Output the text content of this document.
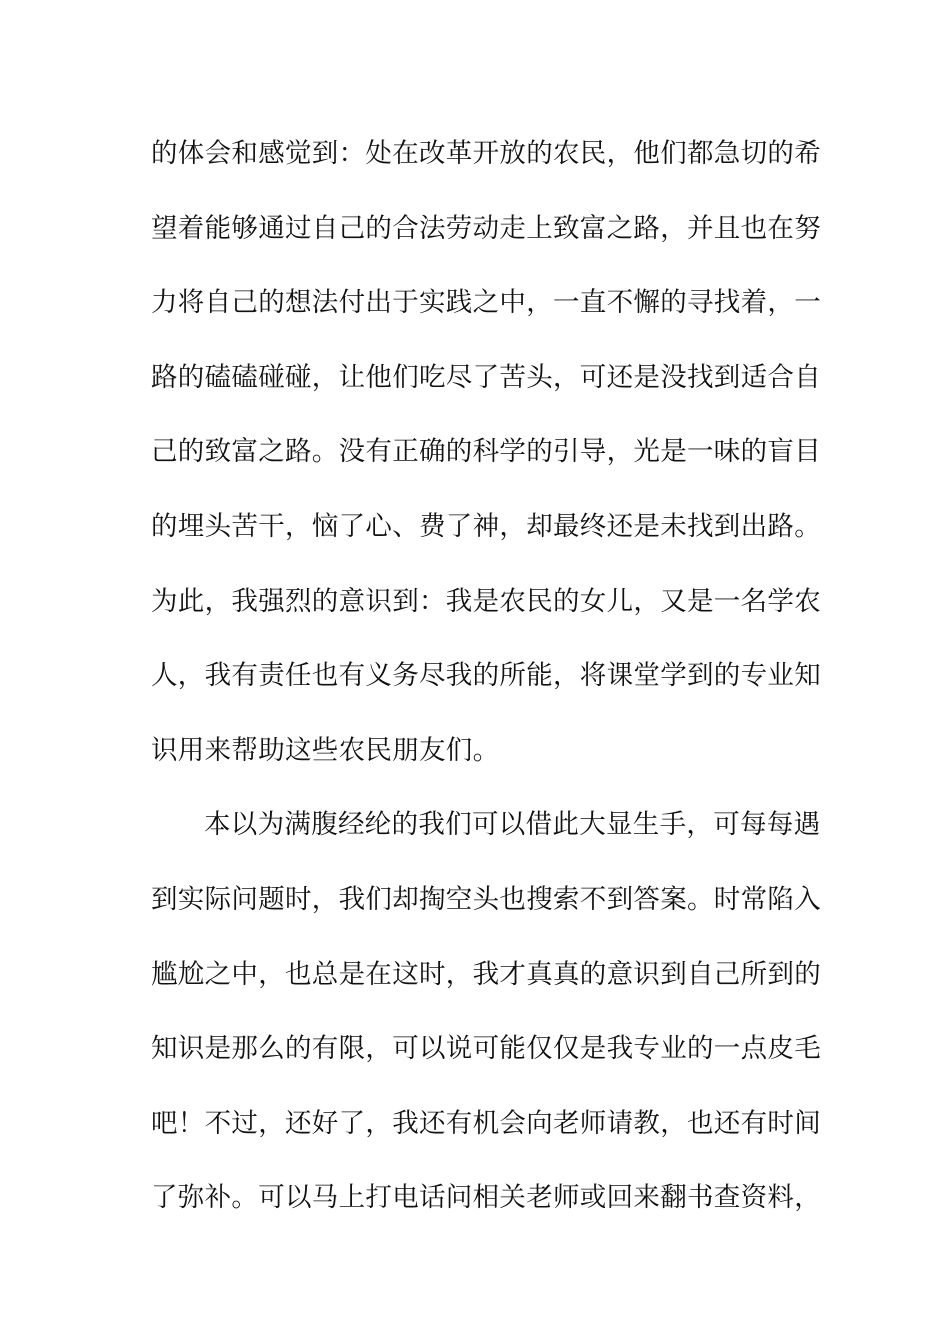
的体会和感觉到：处在改革开放的农民，他们都急切的希
望着能够通过自己的合法劳动走上致富之路，并且也在努
力将自己的想法付出于实践之中，一直不懈的寻找着，一
路的磕磕碰碰，让他们吃尽了苦头，可还是没找到适合自
己的致富之路。没有正确的科学的引导，光是一味的盲目
的埋头苦干，恼了心、费了神，却最终还是未找到出路。
为此，我强烈的意识到：我是农民的女儿，又是一名学农
人，我有责任也有义务尽我的所能，将课堂学到的专业知
识用来帮助这些农民朋友们。
本以为满腹经纶的我们可以借此大显生手，可每每遇
到实际问题时，我们却掏空头也搜索不到答案。时常陷入
尴尬之中，也总是在这时，我才真真的意识到自己所到的
知识是那么的有限，可以说可能仅仅是我专业的一点皮毛
吧！不过，还好了，我还有机会向老师请教，也还有时间
了弥补。可以马上打电话问相关老师或回来翻书查资料，
